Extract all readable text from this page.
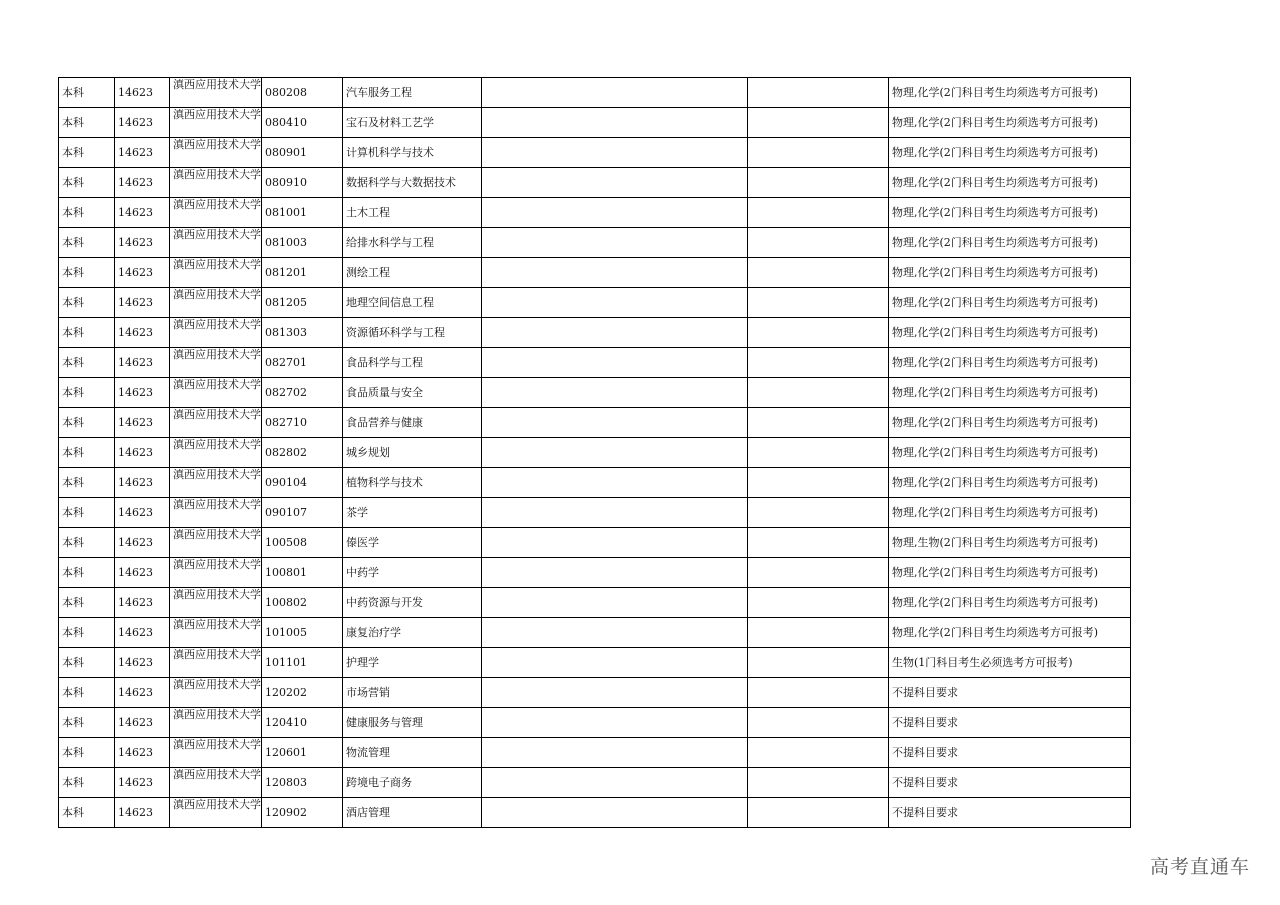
本科	14623	滇西应用技术大学	080208	汽车服务工程			物理,化学(2门科目考生均须选考方可报考)
本科	14623	滇西应用技术大学	080410	宝石及材料工艺学			物理,化学(2门科目考生均须选考方可报考)
本科	14623	滇西应用技术大学	080901	计算机科学与技术			物理,化学(2门科目考生均须选考方可报考)
本科	14623	滇西应用技术大学	080910	数据科学与大数据技术			物理,化学(2门科目考生均须选考方可报考)
本科	14623	滇西应用技术大学	081001	土木工程			物理,化学(2门科目考生均须选考方可报考)
本科	14623	滇西应用技术大学	081003	给排水科学与工程			物理,化学(2门科目考生均须选考方可报考)
本科	14623	滇西应用技术大学	081201	测绘工程			物理,化学(2门科目考生均须选考方可报考)
本科	14623	滇西应用技术大学	081205	地理空间信息工程			物理,化学(2门科目考生均须选考方可报考)
本科	14623	滇西应用技术大学	081303	资源循环科学与工程			物理,化学(2门科目考生均须选考方可报考)
本科	14623	滇西应用技术大学	082701	食品科学与工程			物理,化学(2门科目考生均须选考方可报考)
本科	14623	滇西应用技术大学	082702	食品质量与安全			物理,化学(2门科目考生均须选考方可报考)
本科	14623	滇西应用技术大学	082710	食品营养与健康			物理,化学(2门科目考生均须选考方可报考)
本科	14623	滇西应用技术大学	082802	城乡规划			物理,化学(2门科目考生均须选考方可报考)
本科	14623	滇西应用技术大学	090104	植物科学与技术			物理,化学(2门科目考生均须选考方可报考)
本科	14623	滇西应用技术大学	090107	茶学			物理,化学(2门科目考生均须选考方可报考)
本科	14623	滇西应用技术大学	100508	傣医学			物理,生物(2门科目考生均须选考方可报考)
本科	14623	滇西应用技术大学	100801	中药学			物理,化学(2门科目考生均须选考方可报考)
本科	14623	滇西应用技术大学	100802	中药资源与开发			物理,化学(2门科目考生均须选考方可报考)
本科	14623	滇西应用技术大学	101005	康复治疗学			物理,化学(2门科目考生均须选考方可报考)
本科	14623	滇西应用技术大学	101101	护理学			生物(1门科目考生必须选考方可报考)
本科	14623	滇西应用技术大学	120202	市场营销			不提科目要求
本科	14623	滇西应用技术大学	120410	健康服务与管理			不提科目要求
本科	14623	滇西应用技术大学	120601	物流管理			不提科目要求
本科	14623	滇西应用技术大学	120803	跨境电子商务			不提科目要求
本科	14623	滇西应用技术大学	120902	酒店管理			不提科目要求
高考直通车
